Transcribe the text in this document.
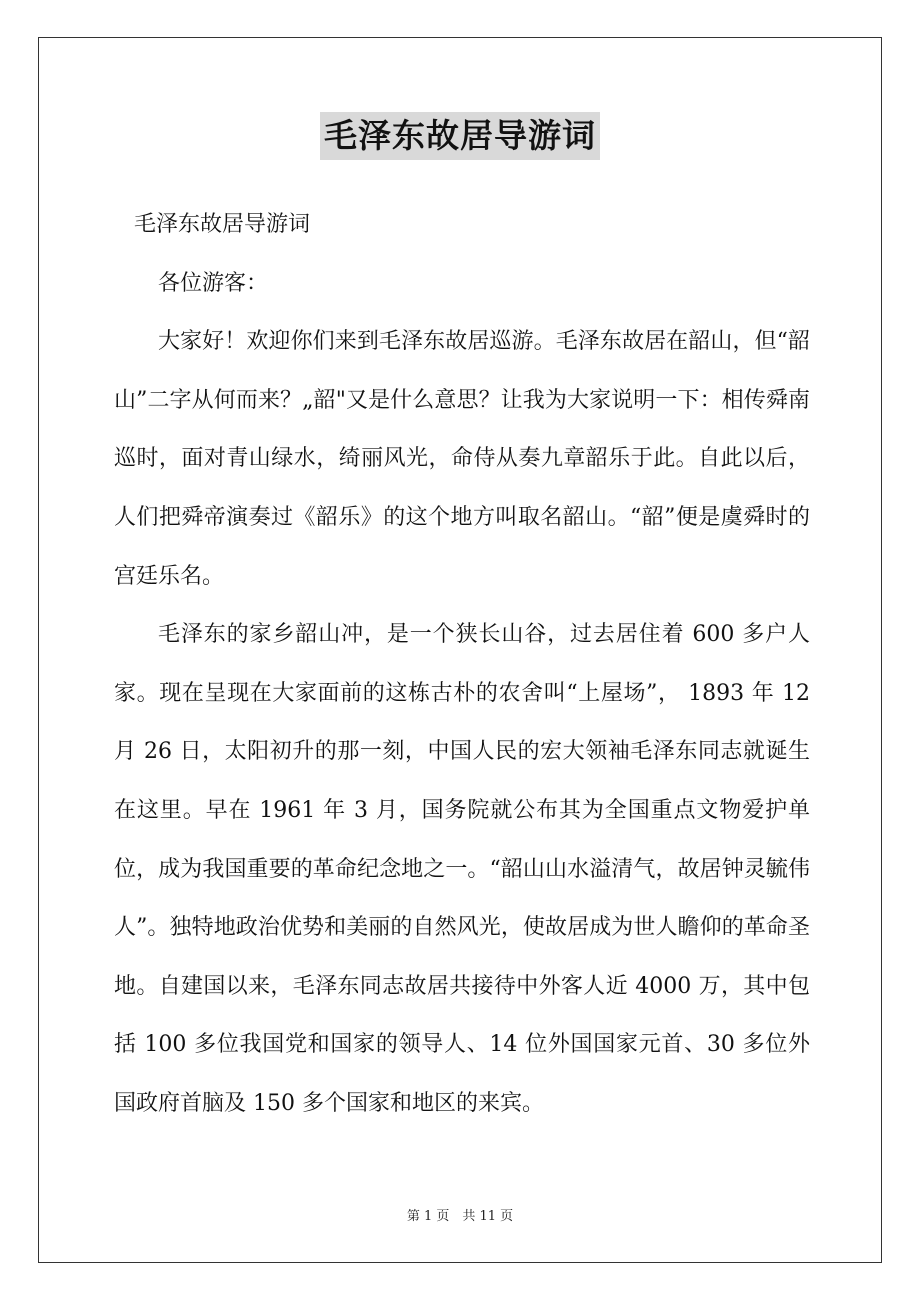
毛泽东故居导游词
毛泽东故居导游词

各位游客：

大家好！欢迎你们来到毛泽东故居巡游。毛泽东故居在韶山，但“韶山”二字从何而来？„韶"又是什么意思？让我为大家说明一下：相传舜南巡时，面对青山绿水，绮丽风光，命侍从奏九章韶乐于此。自此以后，人们把舜帝演奏过《韶乐》的这个地方叫取名韶山。“韶”便是虞舜时的宫廷乐名。

毛泽东的家乡韶山冲，是一个狭长山谷，过去居住着 600 多户人家。现在呈现在大家面前的这栋古朴的农舍叫“上屋场”， 1893 年 12 月 26 日，太阳初升的那一刻，中国人民的宏大领袖毛泽东同志就诞生在这里。早在 1961 年 3 月，国务院就公布其为全国重点文物爱护单位，成为我国重要的革命纪念地之一。“韶山山水溢清气，故居钟灵毓伟人”。独特地政治优势和美丽的自然风光，使故居成为世人瞻仰的革命圣地。自建国以来，毛泽东同志故居共接待中外客人近 4000 万，其中包括 100 多位我国党和国家的领导人、14 位外国国家元首、30 多位外国政府首脑及 150 多个国家和地区的来宾。

第 1 页　共 11 页
